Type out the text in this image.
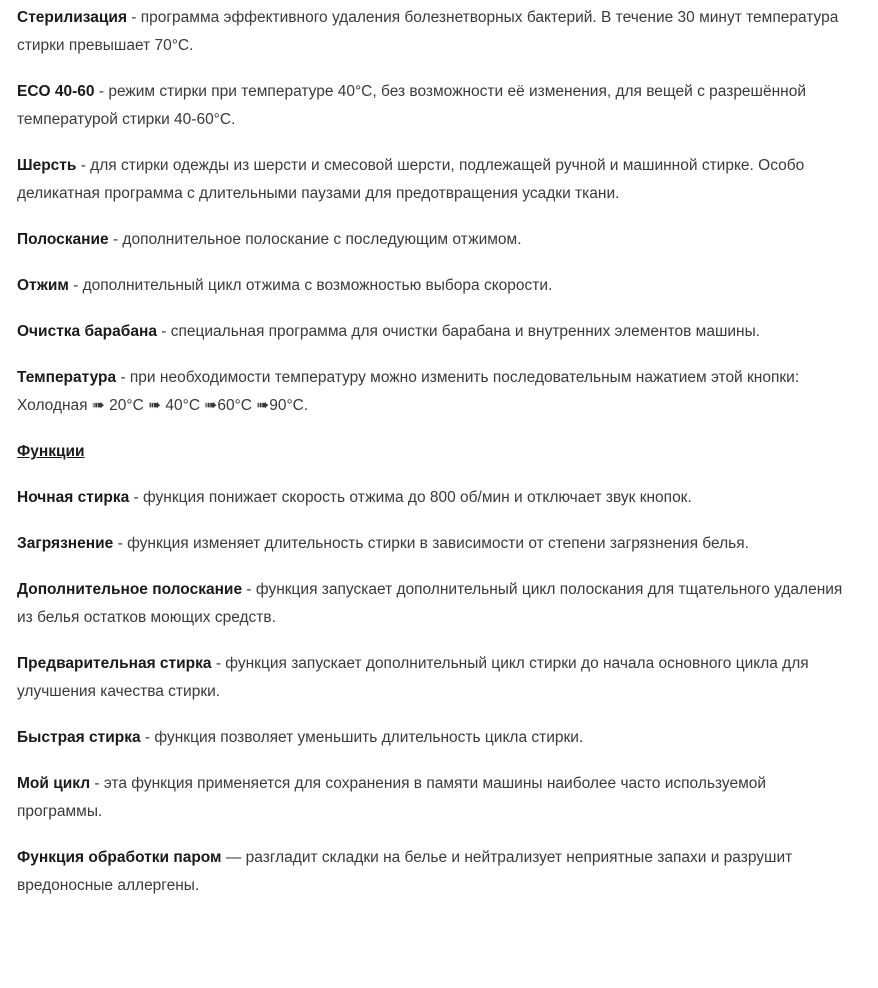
Стерилизация - программа эффективного удаления болезнетворных бактерий. В течение 30 минут температура стирки превышает 70°C.

ECO 40-60 - режим стирки при температуре 40°C, без возможности её изменения, для вещей с разрешённой температурой стирки 40-60°C.

Шерсть - для стирки одежды из шерсти и смесовой шерсти, подлежащей ручной и машинной стирке. Особо деликатная программа с длительными паузами для предотвращения усадки ткани.

Полоскание - дополнительное полоскание с последующим отжимом.

Отжим - дополнительный цикл отжима с возможностью выбора скорости.

Очистка барабана - специальная программа для очистки барабана и внутренних элементов машины.

Температура - при необходимости температуру можно изменить последовательным нажатием этой кнопки: Холодная ➠ 20°C ➠ 40°C ➠60°C ➠90°C.

Функции

Ночная стирка - функция понижает скорость отжима до 800 об/мин и отключает звук кнопок.

Загрязнение - функция изменяет длительность стирки в зависимости от степени загрязнения белья.

Дополнительное полоскание - функция запускает дополнительный цикл полоскания для тщательного удаления из белья остатков моющих средств.

Предварительная стирка - функция запускает дополнительный цикл стирки до начала основного цикла для улучшения качества стирки.

Быстрая стирка - функция позволяет уменьшить длительность цикла стирки.

Мой цикл - эта функция применяется для сохранения в памяти машины наиболее часто используемой программы.

Функция обработки паром — разгладит складки на белье и нейтрализует неприятные запахи и разрушит вредоносные аллергены.
